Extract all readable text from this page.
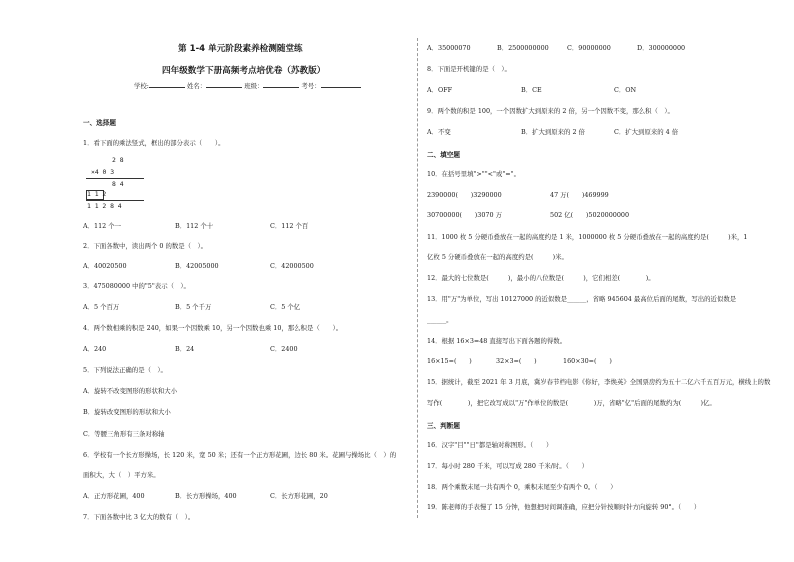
第 1-4 单元阶段素养检测随堂练
四年级数学下册高频考点培优卷（苏教版）
学校:	姓名：	班级：	考号：
一、选择题
1．看下面的乘法竖式，框出的部分表示（　　）。
2 8
×4 0 3
8 4
1 1 2
1 1 2 8 4
A．112 个一	B．112 个十	C．112 个百
2．下面各数中，读出两个 0 的数是（　）。
A．40020500	B．42005000	C．42000500
3．475080000 中的"5"表示（　）。
A．5 个百万	B．5 个千万	C．5 个亿
4．两个数相乘的积是 240，如果一个因数乘 10，另一个因数也乘 10，那么积是（　　）。
A．240	B．24	C．2400
5．下列说法正确的是（　）。
A．旋转不改变图形的形状和大小
B．旋转改变图形的形状和大小
C．等腰三角形有三条对称轴
6．学校有一个长方形操场，长 120 米，宽 50 米；还有一个正方形花圃，边长 80 米。花圃与操场比（　）的
面积大，大（　）平方米。
A．正方形花圃，400	B．长方形操场，400	C．长方形花圃，20
7．下面各数中比 3 亿大的数有（　）。
A．35000070	B．2500000000	C．90000000	D．300000000
8．下面是开机键的是（　）。
A．OFF	B．CE	C．ON
9．两个数的积是 100，一个因数扩大到原来的 2 倍，另一个因数不变，那么积（　）。
A．不变	B．扩大到原来的 2 倍	C．扩大到原来的 4 倍
二、填空题
10．在括号里填">""<"或"="。
2390000(　　)3290000	47 万(　　)469999
30700000(　　)3070 万	502 亿(　　)5020000000
11．1000 枚 5 分硬币叠放在一起的高度约是 1 米，1000000 枚 5 分硬币叠放在一起的高度约是(　　　)米，1
亿枚 5 分硬币叠放在一起的高度约是(　　　)米。
12．最大的七位数是(　　　)，最小的八位数是(　　　)，它们相差(　　　　)。
13．用"万"为单位，写出 10127000 的近似数是______，省略 945604 最高位后面的尾数，写出的近似数是
______。
14．根据 16×3=48 直接写出下面各题的得数。
16×15=(　　)	32×3=(　　)	160×30=(　　)
15．据统计，截至 2021 年 3 月底，冀岁春节档电影《你好，李焕英》全国票房约为五十二亿六千五百万元，横线上的数
写作(　　　　)，把它改写成以"万"作单位的数是(　　　　)万，省略"亿"后面的尾数约为(　　　)亿。
三、判断题
16．汉字"目""日"都是轴对称图形。（　　）
17．每小时 280 千米，可以写成 280 千米/时。（　　）
18．两个乘数末尾一共有两个 0，乘积末尾至少有两个 0。（　　）
19．陈老师的手表慢了 15 分钟，他想把时间调准确，应把分针按顺时针方向旋转 90°。（　　）
